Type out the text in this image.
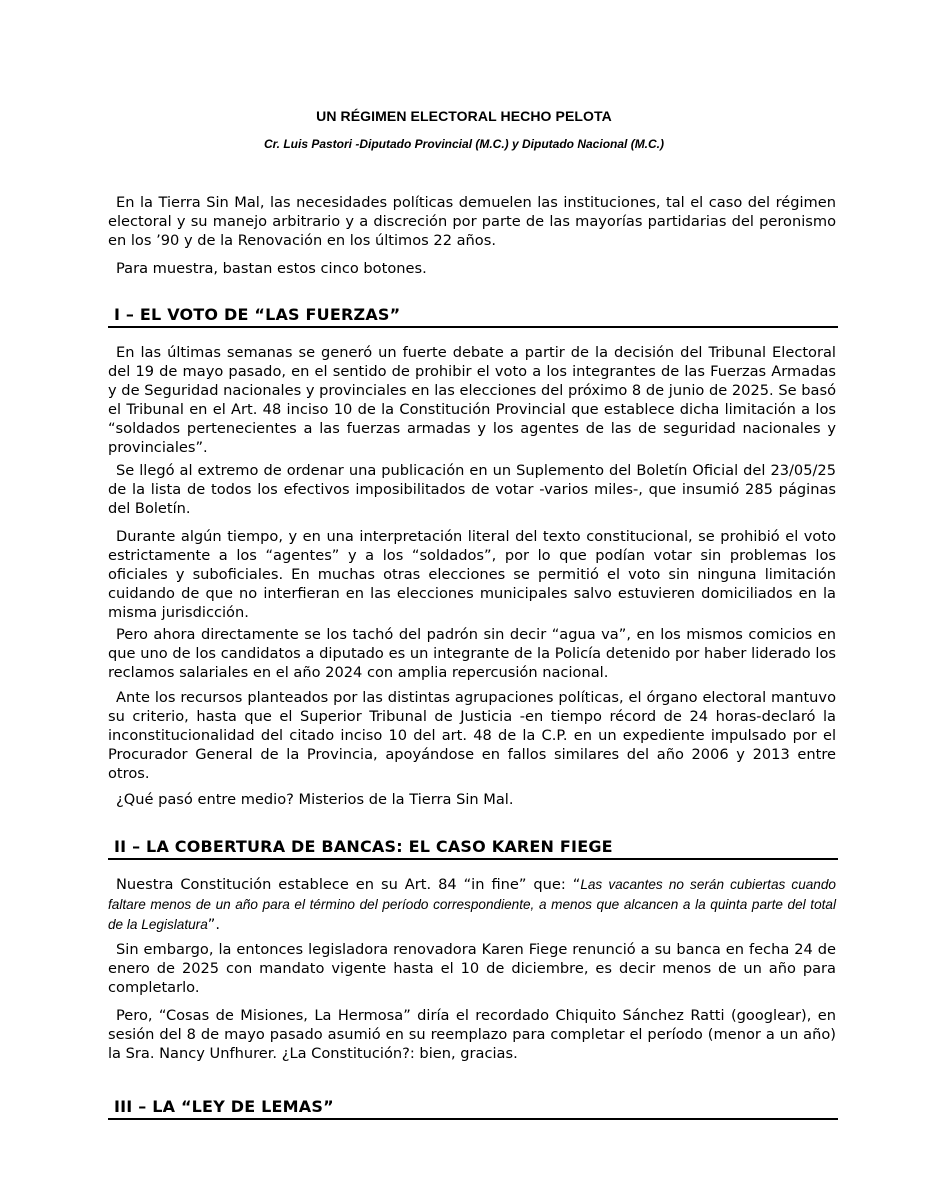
UN RÉGIMEN ELECTORAL HECHO PELOTA
Cr. Luis Pastori -Diputado Provincial (M.C.) y Diputado Nacional (M.C.)

En la Tierra Sin Mal, las necesidades políticas demuelen las instituciones, tal el caso del régimen electoral y su manejo arbitrario y a discreción por parte de las mayorías partidarias del peronismo en los ’90 y de la Renovación en los últimos 22 años.

Para muestra, bastan estos cinco botones.

I – EL VOTO DE “LAS FUERZAS”

En las últimas semanas se generó un fuerte debate a partir de la decisión del Tribunal Electoral del 19 de mayo pasado, en el sentido de prohibir el voto a los integrantes de las Fuerzas Armadas y de Seguridad nacionales y provinciales en las elecciones del próximo 8 de junio de 2025. Se basó el Tribunal en el Art. 48 inciso 10 de la Constitución Provincial que establece dicha limitación a los “soldados pertenecientes a las fuerzas armadas y los agentes de las de seguridad nacionales y provinciales”.

Se llegó al extremo de ordenar una publicación en un Suplemento del Boletín Oficial del 23/05/25 de la lista de todos los efectivos imposibilitados de votar -varios miles-, que insumió 285 páginas del Boletín.

Durante algún tiempo, y en una interpretación literal del texto constitucional, se prohibió el voto estrictamente a los “agentes” y a los “soldados”, por lo que podían votar sin problemas los oficiales y suboficiales. En muchas otras elecciones se permitió el voto sin ninguna limitación cuidando de que no interfieran en las elecciones municipales salvo estuvieren domiciliados en la misma jurisdicción.

Pero ahora directamente se los tachó del padrón sin decir “agua va”, en los mismos comicios en que uno de los candidatos a diputado es un integrante de la Policía detenido por haber liderado los reclamos salariales en el año 2024 con amplia repercusión nacional.

Ante los recursos planteados por las distintas agrupaciones políticas, el órgano electoral mantuvo su criterio, hasta que el Superior Tribunal de Justicia -en tiempo récord de 24 horas-declaró la inconstitucionalidad del citado inciso 10 del art. 48 de la C.P. en un expediente impulsado por el Procurador General de la Provincia, apoyándose en fallos similares del año 2006 y 2013 entre otros.

¿Qué pasó entre medio? Misterios de la Tierra Sin Mal.

II – LA COBERTURA DE BANCAS: EL CASO KAREN FIEGE

Nuestra Constitución establece en su Art. 84 “in fine” que: “Las vacantes no serán cubiertas cuando faltare menos de un año para el término del período correspondiente, a menos que alcancen a la quinta parte del total de la Legislatura”.

Sin embargo, la entonces legisladora renovadora Karen Fiege renunció a su banca en fecha 24 de enero de 2025 con mandato vigente hasta el 10 de diciembre, es decir menos de un año para completarlo.

Pero, “Cosas de Misiones, La Hermosa” diría el recordado Chiquito Sánchez Ratti (googlear), en sesión del 8 de mayo pasado asumió en su reemplazo para completar el período (menor a un año) la Sra. Nancy Unfhurer. ¿La Constitución?: bien, gracias.

III – LA “LEY DE LEMAS”
